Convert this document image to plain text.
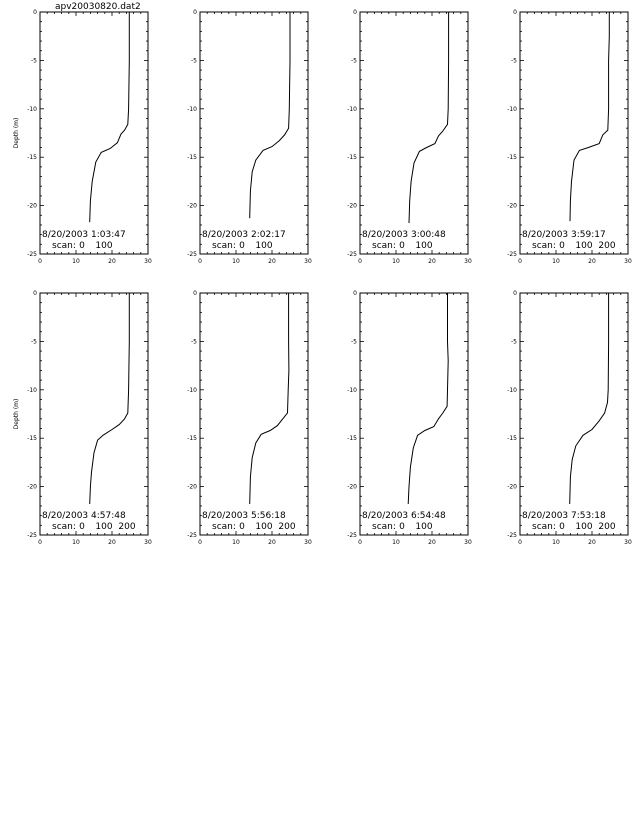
apv20030820.dat2
0
-5
-10
-15
-20
-25
0	10	20	30
Depth (m)
8/20/2003 1:03:47
scan: 0 100
0
-5
-10
-15
-20
-25
0	10	20	30
8/20/2003 2:02:17
scan: 0 100
0
-5
-10
-15
-20
-25
0	10	20	30
8/20/2003 3:00:48
scan: 0 100
0
-5
-10
-15
-20
-25
0	10	20	30
8/20/2003 3:59:17
scan: 0 100 200
0
-5
-10
-15
-20
-25
0	10	20	30
Depth (m)
8/20/2003 4:57:48
scan: 0 100 200
0
-5
-10
-15
-20
-25
0	10	20	30
8/20/2003 5:56:18
scan: 0 100 200
0
-5
-10
-15
-20
-25
0	10	20	30
8/20/2003 6:54:48
scan: 0 100
0
-5
-10
-15
-20
-25
0	10	20	30
8/20/2003 7:53:18
scan: 0 100 200
